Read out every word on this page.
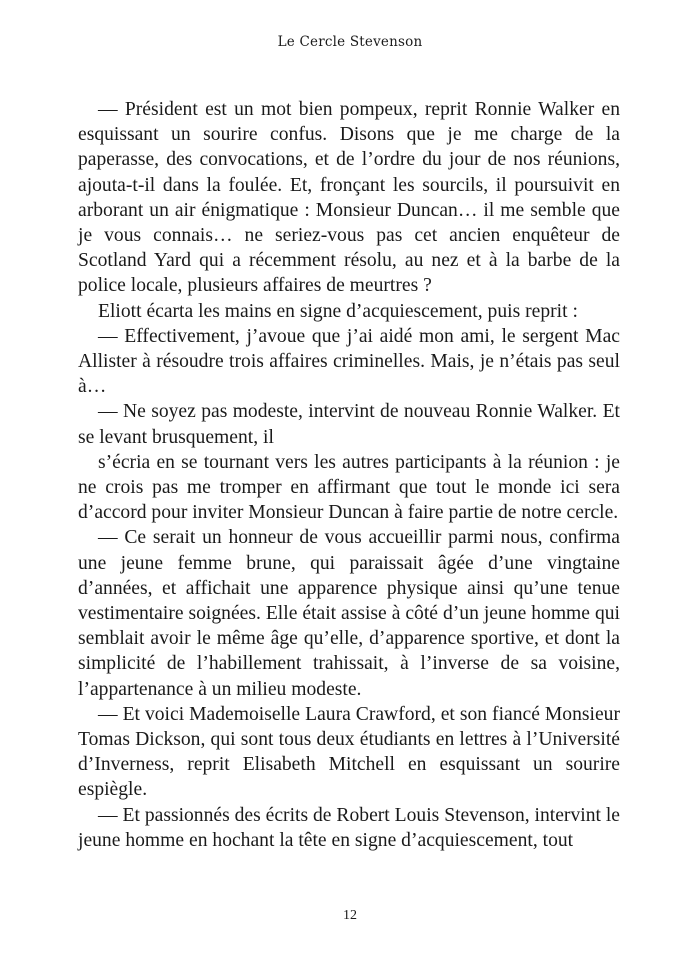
Le Cercle Stevenson

— Président est un mot bien pompeux, reprit Ronnie Walker en esquissant un sourire confus. Disons que je me charge de la paperasse, des convocations, et de l’ordre du jour de nos réunions, ajouta-t-il dans la foulée. Et, fronçant les sourcils, il poursuivit en arborant un air énigmatique : Monsieur Duncan… il me semble que je vous connais… ne seriez-vous pas cet ancien enquêteur de Scotland Yard qui a récemment résolu, au nez et à la barbe de la police locale, plusieurs affaires de meurtres ?

Eliott écarta les mains en signe d’acquiescement, puis reprit :

— Effectivement, j’avoue que j’ai aidé mon ami, le sergent Mac Allister à résoudre trois affaires criminelles. Mais, je n’étais pas seul à…

— Ne soyez pas modeste, intervint de nouveau Ronnie Walker. Et se levant brusquement, il

s’écria en se tournant vers les autres participants à la réunion : je ne crois pas me tromper en affirmant que tout le monde ici sera d’accord pour inviter Monsieur Duncan à faire partie de notre cercle.

— Ce serait un honneur de vous accueillir parmi nous, confirma une jeune femme brune, qui paraissait âgée d’une vingtaine d’années, et affichait une apparence physique ainsi qu’une tenue vestimentaire soignées. Elle était assise à côté d’un jeune homme qui semblait avoir le même âge qu’elle, d’apparence sportive, et dont la simplicité de l’habillement trahissait, à l’inverse de sa voisine, l’appartenance à un milieu modeste.

— Et voici Mademoiselle Laura Crawford, et son fiancé Monsieur Tomas Dickson, qui sont tous deux étudiants en lettres à l’Université d’Inverness, reprit Elisabeth Mitchell en esquissant un sourire espiègle.

— Et passionnés des écrits de Robert Louis Stevenson, intervint le jeune homme en hochant la tête en signe d’acquiescement, tout

12
